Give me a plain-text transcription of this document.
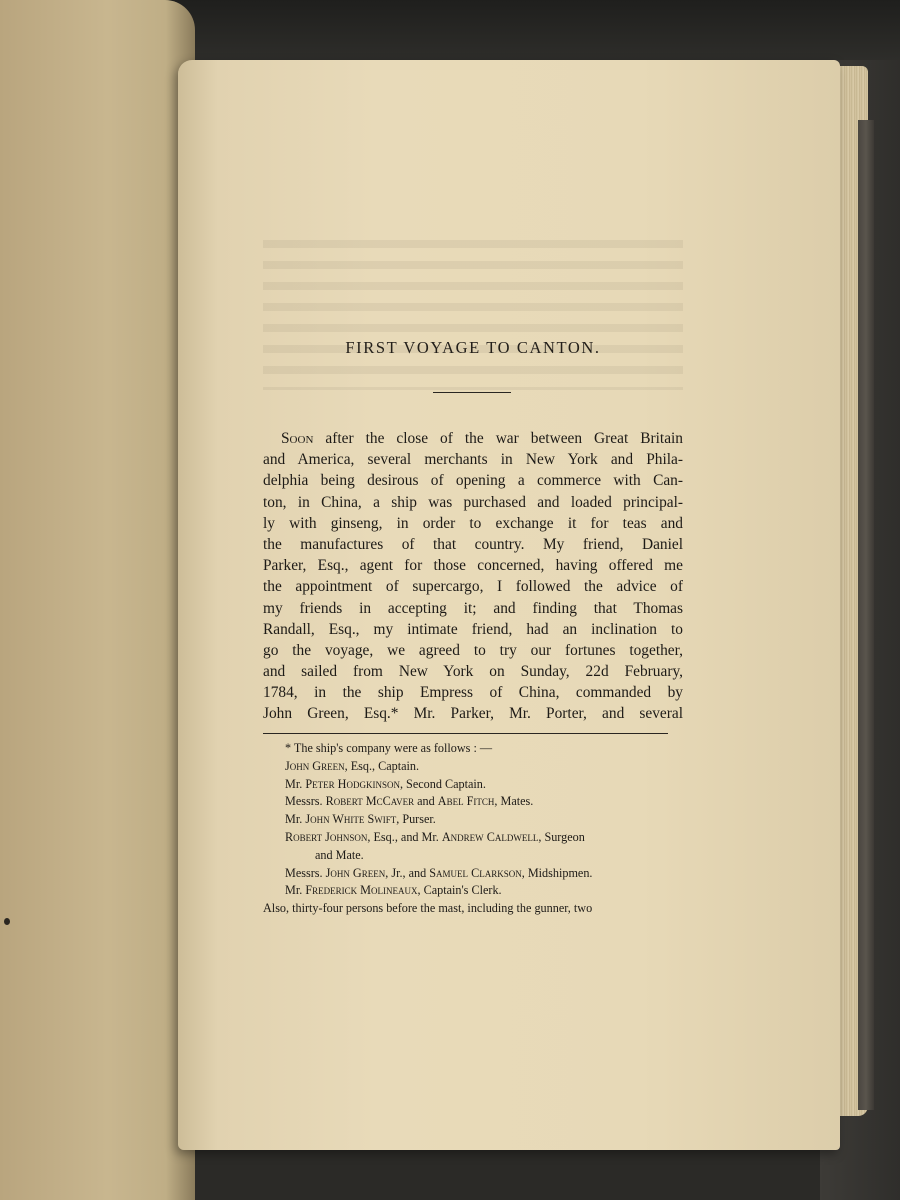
FIRST VOYAGE TO CANTON.
Soon after the close of the war between Great Britain
and America, several merchants in New York and Phila-
delphia being desirous of opening a commerce with Can-
ton, in China, a ship was purchased and loaded principal-
ly with ginseng, in order to exchange it for teas and
the manufactures of that country. My friend, Daniel
Parker, Esq., agent for those concerned, having offered me
the appointment of supercargo, I followed the advice of
my friends in accepting it; and finding that Thomas
Randall, Esq., my intimate friend, had an inclination to
go the voyage, we agreed to try our fortunes together,
and sailed from New York on Sunday, 22d February,
1784, in the ship Empress of China, commanded by
John Green, Esq.* Mr. Parker, Mr. Porter, and several
* The ship's company were as follows : —
John Green, Esq., Captain.
Mr. Peter Hodgkinson, Second Captain.
Messrs. Robert McCaver and Abel Fitch, Mates.
Mr. John White Swift, Purser.
Robert Johnson, Esq., and Mr. Andrew Caldwell, Surgeon
and Mate.
Messrs. John Green, Jr., and Samuel Clarkson, Midshipmen.
Mr. Frederick Molineaux, Captain's Clerk.
Also, thirty-four persons before the mast, including the gunner, two
